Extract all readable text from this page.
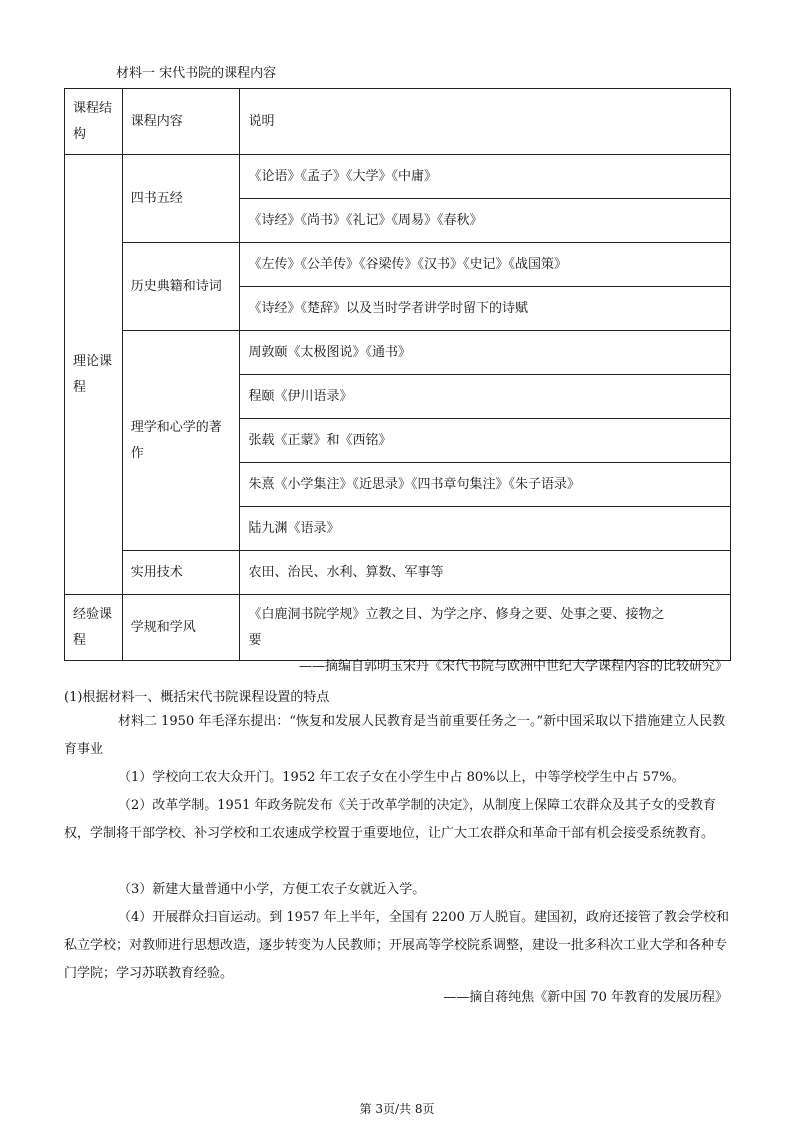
材料一 宋代书院的课程内容
课程结
构	课程内容	说明
理论课
程	四书五经	《论语》《孟子》《大学》《中庸》
		《诗经》《尚书》《礼记》《周易》《春秋》
	历史典籍和诗词	《左传》《公羊传》《谷梁传》《汉书》《史记》《战国策》
		《诗经》《楚辞》以及当时学者讲学时留下的诗赋
	理学和心学的著
作	周敦颐《太极图说》《通书》
		程颐《伊川语录》
		张载《正蒙》和《西铭》
		朱熹《小学集注》《近思录》《四书章句集注》《朱子语录》
		陆九渊《语录》
	实用技术	农田、治民、水利、算数、军事等
经验课
程	学规和学风	《白鹿洞书院学规》立教之目、为学之序、修身之要、处事之要、接物之
要
——摘编自郭明玉宋丹《宋代书院与欧洲中世纪大学课程内容的比较研究》
(1)根据材料一、概括宋代书院课程设置的特点
材料二 1950 年毛泽东提出：“恢复和发展人民教育是当前重要任务之一。”新中国采取以下措施建立人民教育事业
（1）学校向工农大众开门。1952 年工农子女在小学生中占 80%以上，中等学校学生中占 57%。
（2）改革学制。1951 年政务院发布《关于改革学制的决定》，从制度上保障工农群众及其子女的受教育权，学制将干部学校、补习学校和工农速成学校置于重要地位，让广大工农群众和革命干部有机会接受系统教育。
（3）新建大量普通中小学，方便工农子女就近入学。
（4）开展群众扫盲运动。到 1957 年上半年，全国有 2200 万人脱盲。建国初，政府还接管了教会学校和私立学校；对教师进行思想改造，逐步转变为人民教师；开展高等学校院系调整，建设一批多科次工业大学和各种专门学院；学习苏联教育经验。
——摘自蒋纯焦《新中国 70 年教育的发展历程》
第 3页/共 8页
